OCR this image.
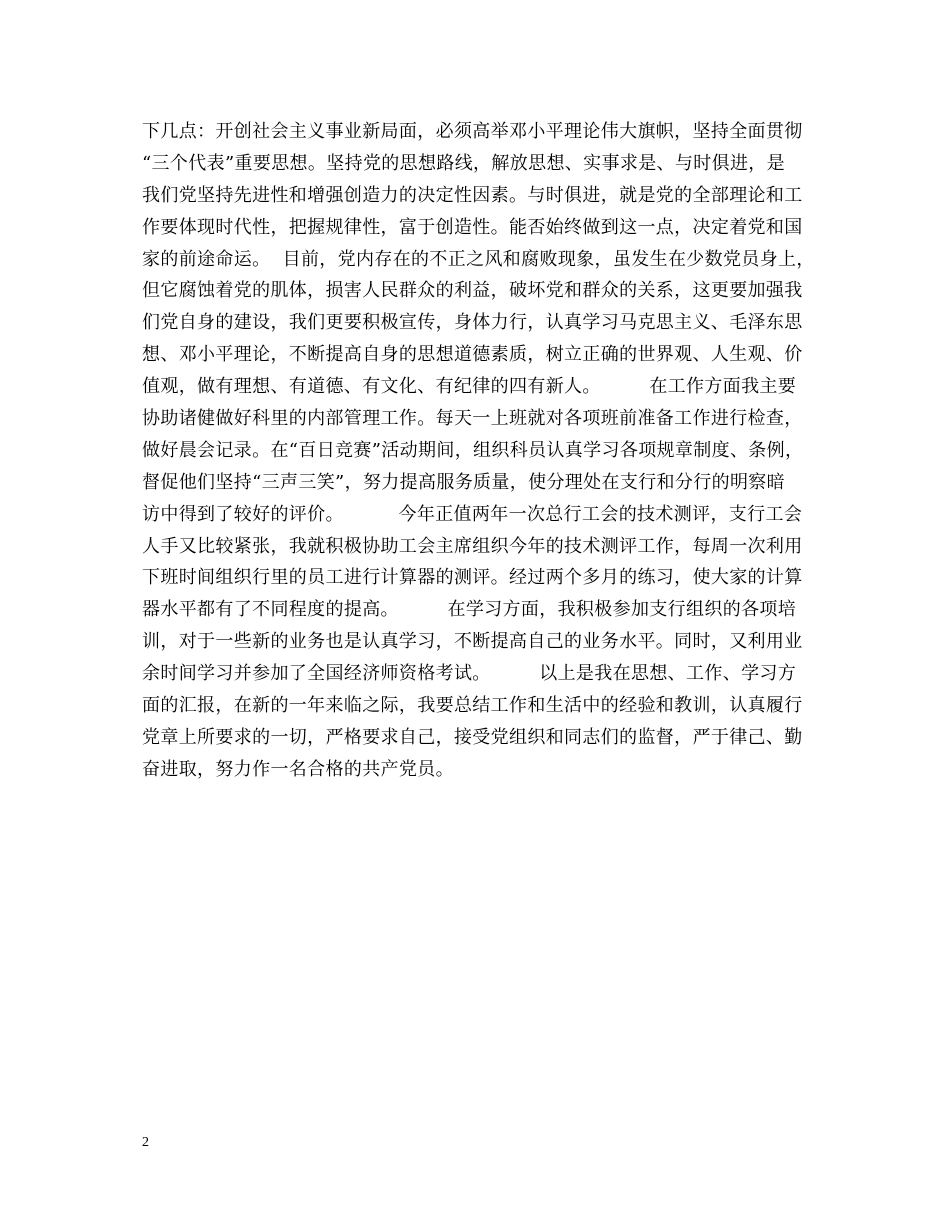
下几点：开创社会主义事业新局面，必须高举邓小平理论伟大旗帜，坚持全面贯彻
“三个代表”重要思想。坚持党的思想路线，解放思想、实事求是、与时俱进，是
我们党坚持先进性和增强创造力的决定性因素。与时俱进，就是党的全部理论和工
作要体现时代性，把握规律性，富于创造性。能否始终做到这一点，决定着党和国
家的前途命运。  目前，党内存在的不正之风和腐败现象，虽发生在少数党员身上，
但它腐蚀着党的肌体，损害人民群众的利益，破坏党和群众的关系，这更要加强我
们党自身的建设，我们更要积极宣传，身体力行，认真学习马克思主义、毛泽东思
想、邓小平理论，不断提高自身的思想道德素质，树立正确的世界观、人生观、价
值观，做有理想、有道德、有文化、有纪律的四有新人。        在工作方面我主要
协助诸健做好科里的内部管理工作。每天一上班就对各项班前准备工作进行检查，
做好晨会记录。在“百日竞赛”活动期间，组织科员认真学习各项规章制度、条例，
督促他们坚持“三声三笑”，努力提高服务质量，使分理处在支行和分行的明察暗
访中得到了较好的评价。         今年正值两年一次总行工会的技术测评，支行工会
人手又比较紧张，我就积极协助工会主席组织今年的技术测评工作，每周一次利用
下班时间组织行里的员工进行计算器的测评。经过两个多月的练习，使大家的计算
器水平都有了不同程度的提高。        在学习方面，我积极参加支行组织的各项培
训，对于一些新的业务也是认真学习，不断提高自己的业务水平。同时，又利用业
余时间学习并参加了全国经济师资格考试。        以上是我在思想、工作、学习方
面的汇报，在新的一年来临之际，我要总结工作和生活中的经验和教训，认真履行
党章上所要求的一切，严格要求自己，接受党组织和同志们的监督，严于律己、勤
奋进取，努力作一名合格的共产党员。
2
